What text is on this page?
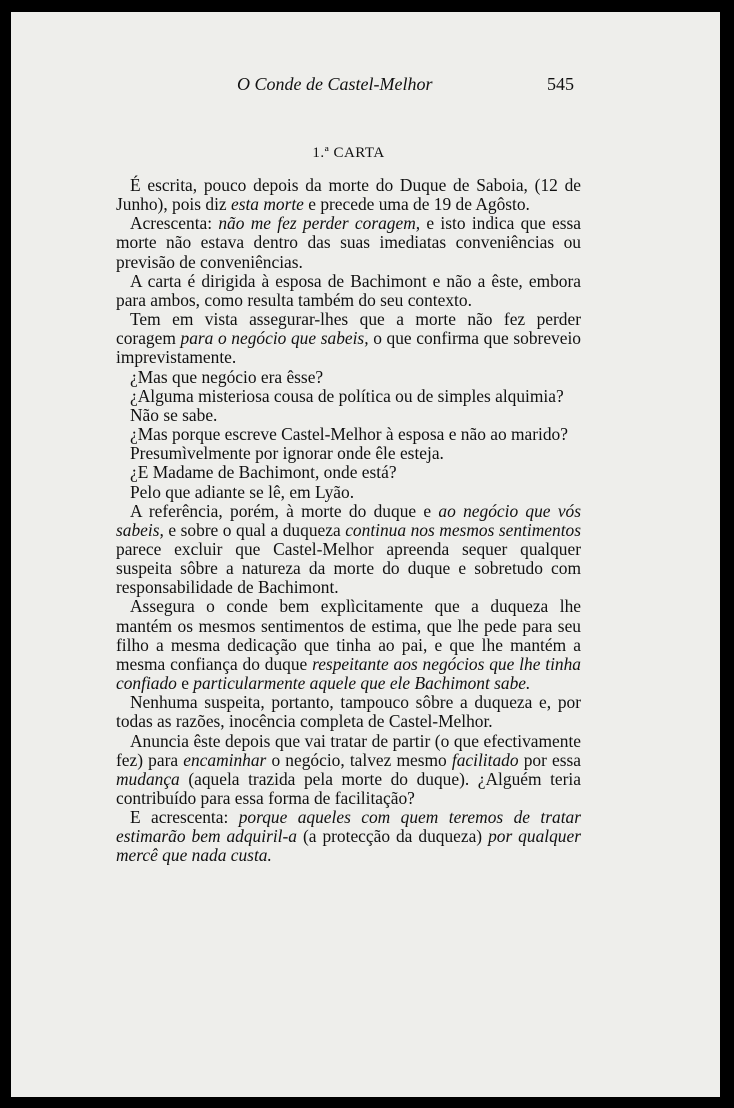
O Conde de Castel-Melhor	545
1.ª CARTA

É escrita, pouco depois da morte do Duque de Saboia, (12 de Junho), pois diz esta morte e precede uma de 19 de Agôsto.

Acrescenta: não me fez perder coragem, e isto indica que essa morte não estava dentro das suas imediatas conveniências ou previsão de conveniências.

A carta é dirigida à esposa de Bachimont e não a êste, embora para ambos, como resulta também do seu contexto.

Tem em vista assegurar-lhes que a morte não fez perder coragem para o negócio que sabeis, o que confirma que sobreveio imprevistamente.

¿Mas que negócio era êsse?

¿Alguma misteriosa cousa de política ou de simples alquimia?

Não se sabe.

¿Mas porque escreve Castel-Melhor à esposa e não ao marido?

Presumìvelmente por ignorar onde êle esteja.

¿E Madame de Bachimont, onde está?

Pelo que adiante se lê, em Lyão.

A referência, porém, à morte do duque e ao negócio que vós sabeis, e sobre o qual a duqueza continua nos mesmos sentimentos parece excluir que Castel-Melhor apreenda sequer qualquer suspeita sôbre a natureza da morte do duque e sobretudo com responsabilidade de Bachimont.

Assegura o conde bem explìcitamente que a duqueza lhe mantém os mesmos sentimentos de estima, que lhe pede para seu filho a mesma dedicação que tinha ao pai, e que lhe mantém a mesma confiança do duque respeitante aos negócios que lhe tinha confiado e particularmente aquele que ele Bachimont sabe.

Nenhuma suspeita, portanto, tampouco sôbre a duqueza e, por todas as razões, inocência completa de Castel-Melhor.

Anuncia êste depois que vai tratar de partir (o que efectivamente fez) para encaminhar o negócio, talvez mesmo facilitado por essa mudança (aquela trazida pela morte do duque). ¿Alguém teria contribuído para essa forma de facilitação?

E acrescenta: porque aqueles com quem teremos de tratar estimarão bem adquiril-a (a protecção da duqueza) por qualquer mercê que nada custa.
